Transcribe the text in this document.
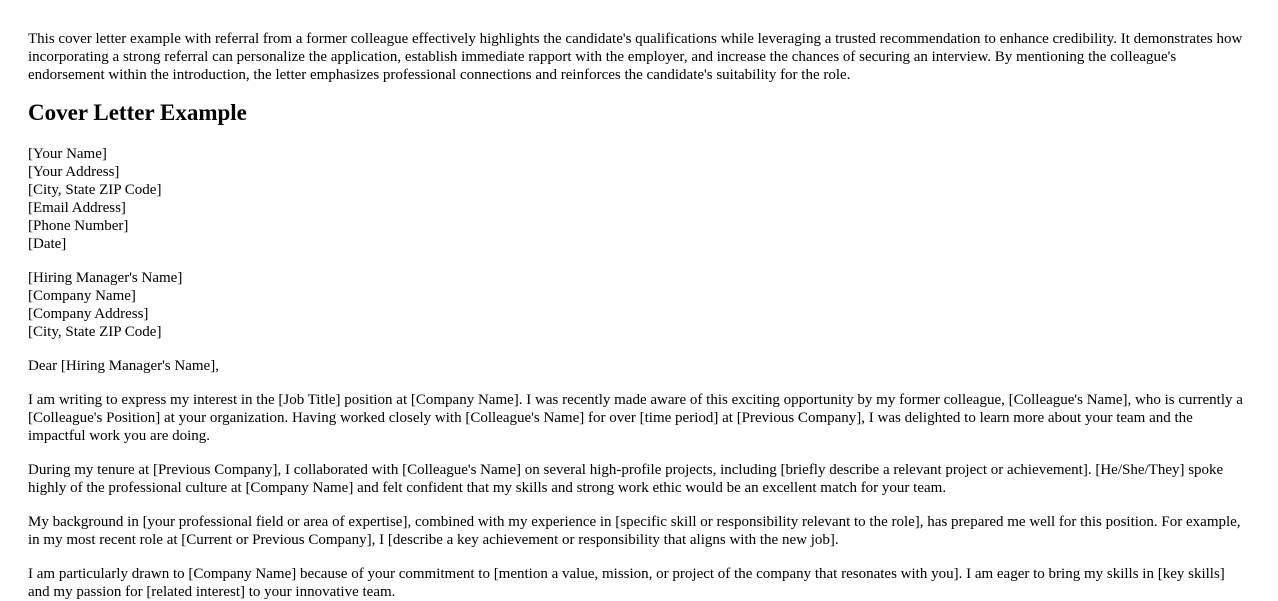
This cover letter example with referral from a former colleague effectively highlights the candidate's qualifications while leveraging a trusted recommendation to enhance credibility. It demonstrates how incorporating a strong referral can personalize the application, establish immediate rapport with the employer, and increase the chances of securing an interview. By mentioning the colleague's endorsement within the introduction, the letter emphasizes professional connections and reinforces the candidate's suitability for the role.

Cover Letter Example
[Your Name]
[Your Address]
[City, State ZIP Code]
[Email Address]
[Phone Number]
[Date]
[Hiring Manager's Name]
[Company Name]
[Company Address]
[City, State ZIP Code]

Dear [Hiring Manager's Name],

I am writing to express my interest in the [Job Title] position at [Company Name]. I was recently made aware of this exciting opportunity by my former colleague, [Colleague's Name], who is currently a [Colleague's Position] at your organization. Having worked closely with [Colleague's Name] for over [time period] at [Previous Company], I was delighted to learn more about your team and the impactful work you are doing.

During my tenure at [Previous Company], I collaborated with [Colleague's Name] on several high-profile projects, including [briefly describe a relevant project or achievement]. [He/She/They] spoke highly of the professional culture at [Company Name] and felt confident that my skills and strong work ethic would be an excellent match for your team.

My background in [your professional field or area of expertise], combined with my experience in [specific skill or responsibility relevant to the role], has prepared me well for this position. For example, in my most recent role at [Current or Previous Company], I [describe a key achievement or responsibility that aligns with the new job].

I am particularly drawn to [Company Name] because of your commitment to [mention a value, mission, or project of the company that resonates with you]. I am eager to bring my skills in [key skills] and my passion for [related interest] to your innovative team.
